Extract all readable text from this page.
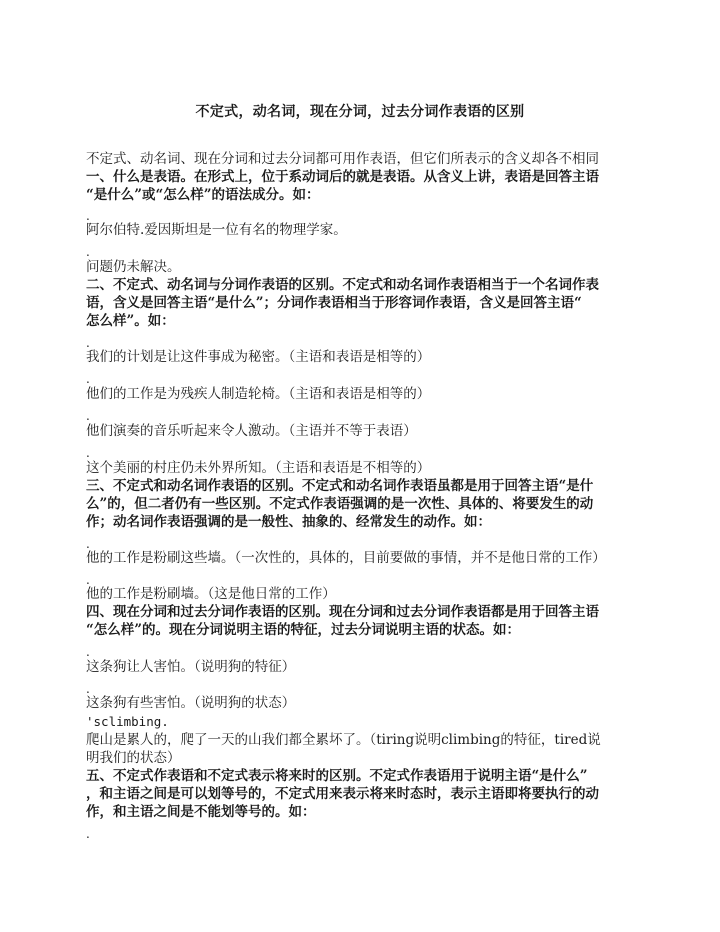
不定式，动名词，现在分词，过去分词作表语的区别
不定式、动名词、现在分词和过去分词都可用作表语，但它们所表示的含义却各不相同
一、什么是表语。在形式上，位于系动词后的就是表语。从含义上讲，表语是回答主语
“是什么”或“怎么样”的语法成分。如：
.
阿尔伯特.爱因斯坦是一位有名的物理学家。
.
问题仍未解决。
二、不定式、动名词与分词作表语的区别。不定式和动名词作表语相当于一个名词作表
语，含义是回答主语“是什么”；分词作表语相当于形容词作表语，含义是回答主语“
怎么样”。如：
.
我们的计划是让这件事成为秘密。（主语和表语是相等的）
.
他们的工作是为残疾人制造轮椅。（主语和表语是相等的）
.
他们演奏的音乐听起来令人激动。（主语并不等于表语）
.
这个美丽的村庄仍未外界所知。（主语和表语是不相等的）
三、不定式和动名词作表语的区别。不定式和动名词作表语虽都是用于回答主语“是什
么”的，但二者仍有一些区别。不定式作表语强调的是一次性、具体的、将要发生的动
作；动名词作表语强调的是一般性、抽象的、经常发生的动作。如：
.
他的工作是粉刷这些墙。（一次性的，具体的，目前要做的事情，并不是他日常的工作）
.
他的工作是粉刷墙。（这是他日常的工作）
四、现在分词和过去分词作表语的区别。现在分词和过去分词作表语都是用于回答主语
“怎么样”的。现在分词说明主语的特征，过去分词说明主语的状态。如：
.
这条狗让人害怕。（说明狗的特征）
.
这条狗有些害怕。（说明狗的状态）
'sclimbing.
爬山是累人的，爬了一天的山我们都全累坏了。（tiring说明climbing的特征，tired说
明我们的状态）
五、不定式作表语和不定式表示将来时的区别。不定式作表语用于说明主语“是什么”
，和主语之间是可以划等号的，不定式用来表示将来时态时，表示主语即将要执行的动
作，和主语之间是不能划等号的。如：
.
